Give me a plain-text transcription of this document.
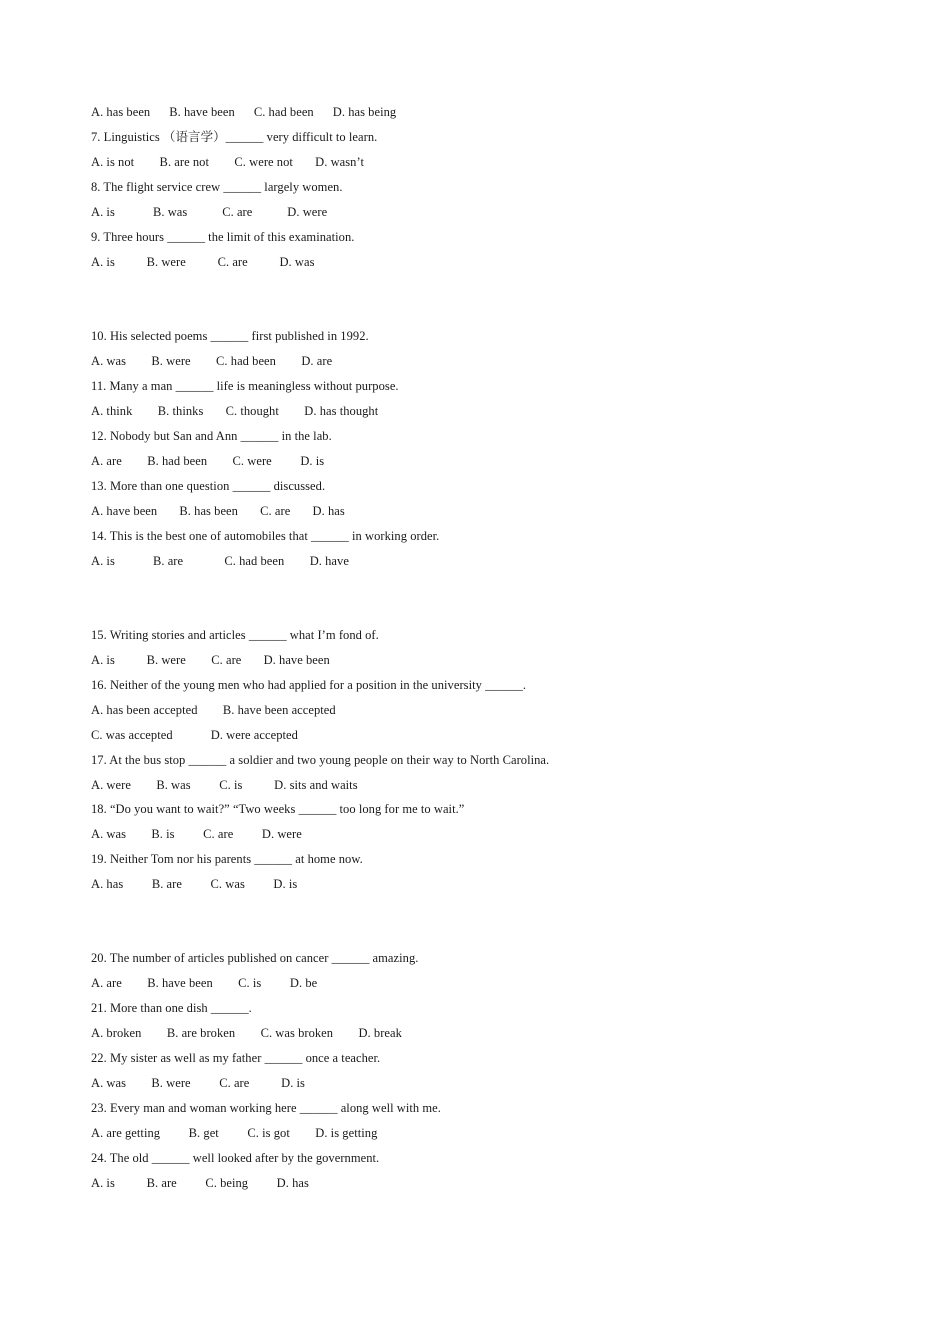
A. has been      B. have been      C. had been      D. has being
7. Linguistics （语言学）______ very difficult to learn.
A. is not        B. are not        C. were not       D. wasn’t
8. The flight service crew ______ largely women.
A. is            B. was           C. are           D. were
9. Three hours ______ the limit of this examination.
A. is          B. were          C. are          D. was
10. His selected poems ______ first published in 1992.
A. was        B. were        C. had been        D. are
11. Many a man ______ life is meaningless without purpose.
A. think        B. thinks       C. thought        D. has thought
12. Nobody but San and Ann ______ in the lab.
A. are        B. had been        C. were         D. is
13. More than one question ______ discussed.
A. have been       B. has been       C. are       D. has
14. This is the best one of automobiles that ______ in working order.
A. is            B. are             C. had been        D. have
15. Writing stories and articles ______ what I’m fond of.
A. is          B. were        C. are       D. have been
16. Neither of the young men who had applied for a position in the university ______.
A. has been accepted        B. have been accepted
C. was accepted            D. were accepted
17. At the bus stop ______ a soldier and two young people on their way to North Carolina.
A. were        B. was         C. is          D. sits and waits
18. “Do you want to wait?” “Two weeks ______ too long for me to wait.”
A. was        B. is         C. are         D. were
19. Neither Tom nor his parents ______ at home now.
A. has         B. are         C. was         D. is
20. The number of articles published on cancer ______ amazing.
A. are        B. have been        C. is         D. be
21. More than one dish ______.
A. broken        B. are broken        C. was broken        D. break
22. My sister as well as my father ______ once a teacher.
A. was        B. were         C. are          D. is
23. Every man and woman working here ______ along well with me.
A. are getting         B. get         C. is got        D. is getting
24. The old ______ well looked after by the government.
A. is          B. are         C. being         D. has
